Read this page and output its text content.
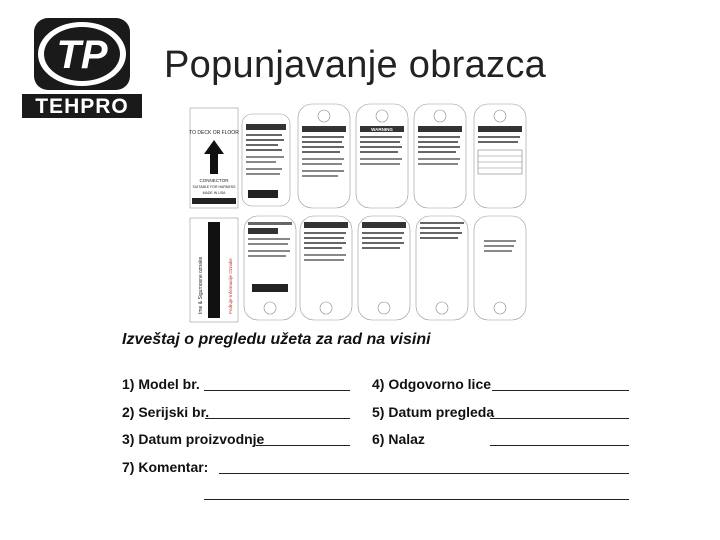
TP
TEHPRO
Popunjavanje obrazca
TO DECK OR FLOOR
CONNECTOR
SUITABLE FOR HARNESS
MADE IN USA
WARNING
Ime & Sigurnosne oznake	Podruje-Informacije Oznake
Izveštaj o pregledu užeta za rad na visini
1) Model br.
2) Serijski br.
3) Datum proizvodnje
4) Odgovorno lice
5) Datum pregleda
6) Nalaz
7) Komentar:
